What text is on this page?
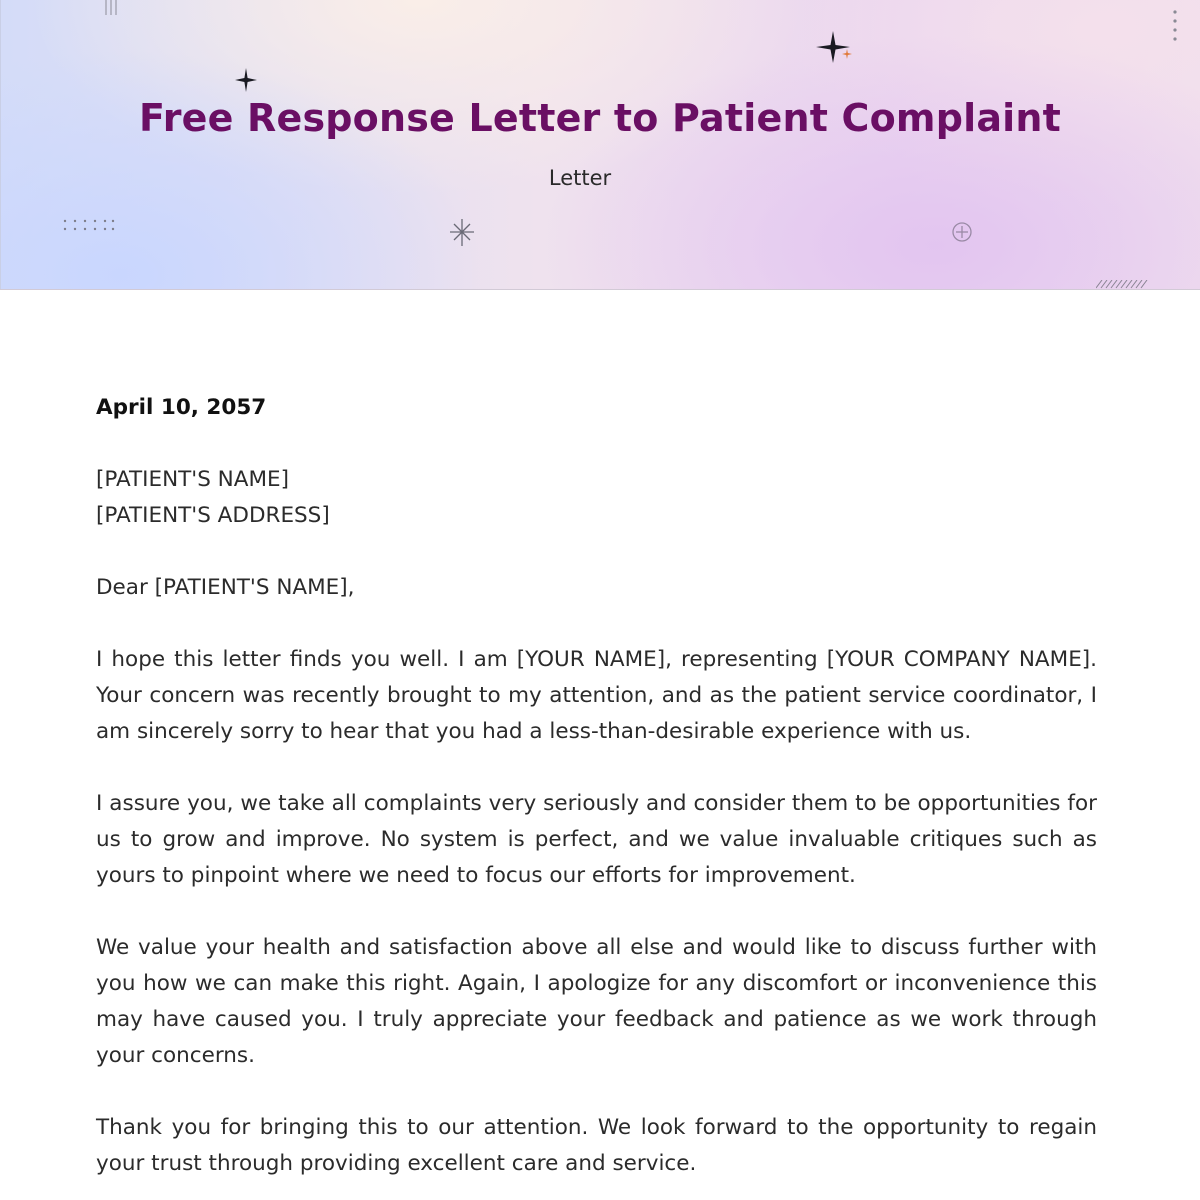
Free Response Letter to Patient Complaint
Letter

April 10, 2057

[PATIENT'S NAME]

[PATIENT'S ADDRESS]

Dear [PATIENT'S NAME],

I hope this letter finds you well. I am [YOUR NAME], representing [YOUR COMPANY NAME]. Your concern was recently brought to my attention, and as the patient service coordinator, I am sincerely sorry to hear that you had a less-than-desirable experience with us.

I assure you, we take all complaints very seriously and consider them to be opportunities for us to grow and improve. No system is perfect, and we value invaluable critiques such as yours to pinpoint where we need to focus our efforts for improvement.

We value your health and satisfaction above all else and would like to discuss further with you how we can make this right. Again, I apologize for any discomfort or inconvenience this may have caused you. I truly appreciate your feedback and patience as we work through your concerns.

Thank you for bringing this to our attention. We look forward to the opportunity to regain your trust through providing excellent care and service.
